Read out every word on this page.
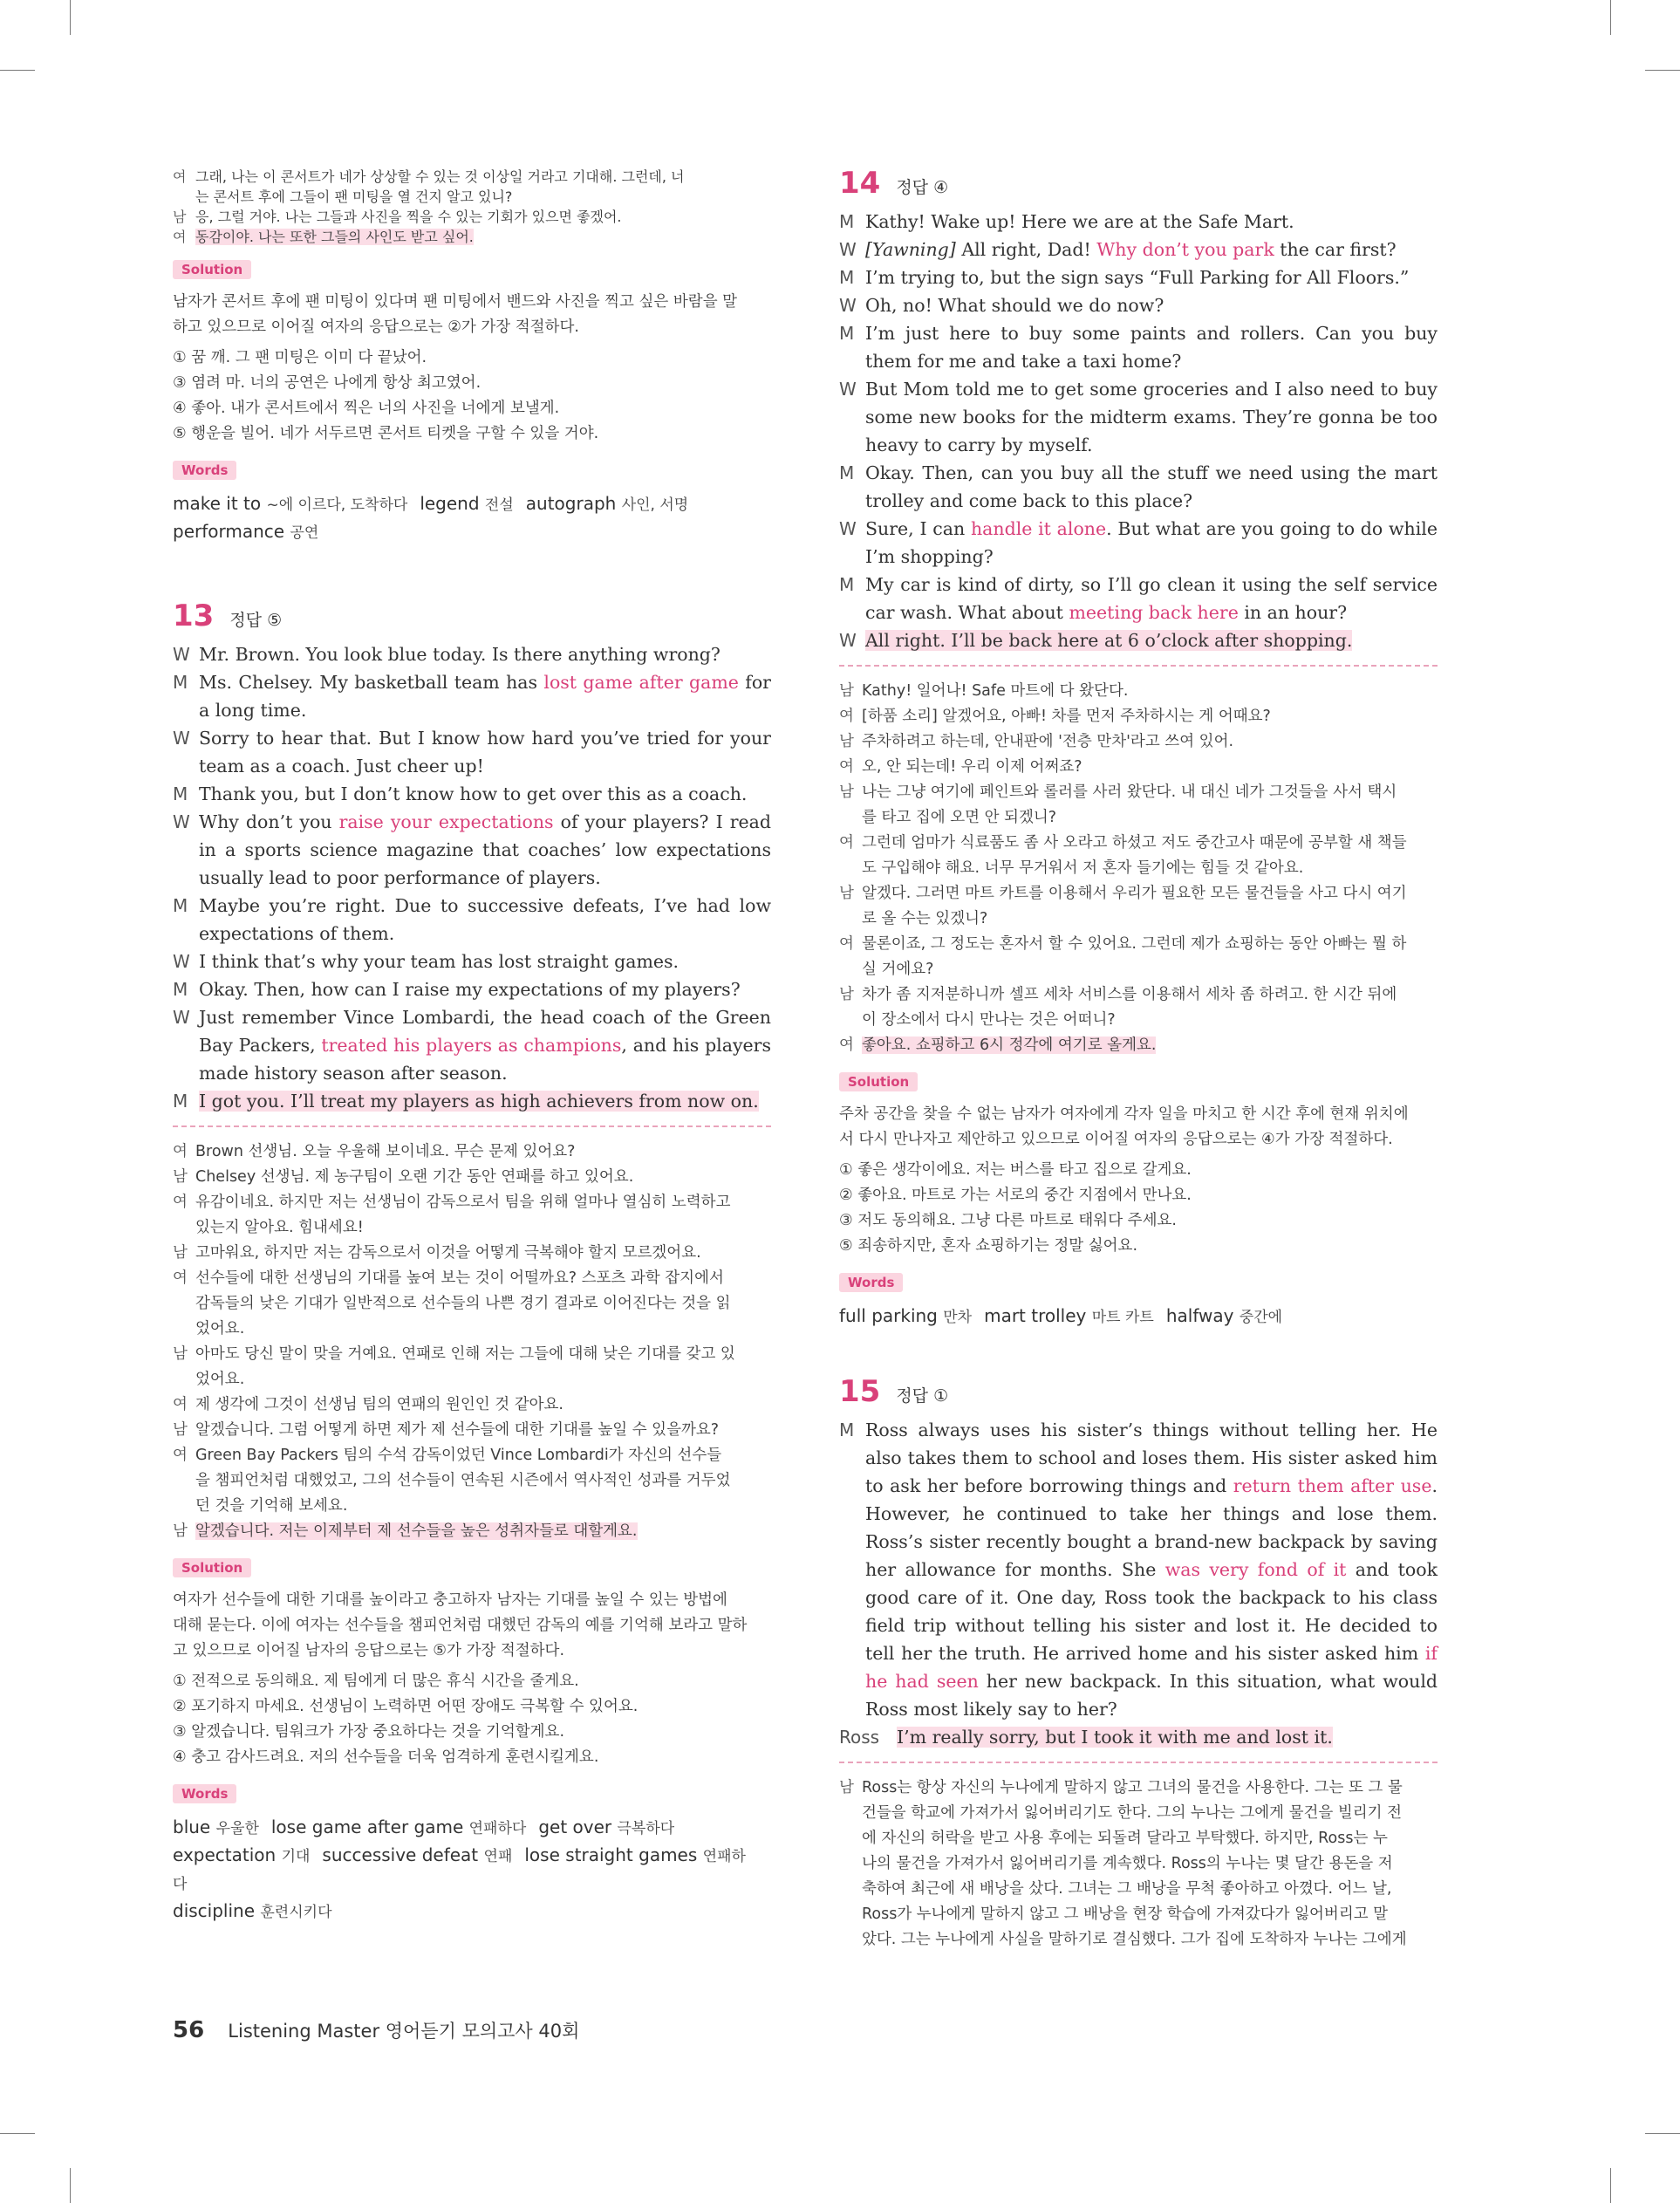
여 그래, 나는 이 콘서트가 네가 상상할 수 있는 것 이상일 거라고 기대해. 그런데, 너
는 콘서트 후에 그들이 팬 미팅을 열 건지 알고 있니?
남 응, 그럴 거야. 나는 그들과 사진을 찍을 수 있는 기회가 있으면 좋겠어.
여 동감이야. 나는 또한 그들의 사인도 받고 싶어.
Solution
남자가 콘서트 후에 팬 미팅이 있다며 팬 미팅에서 밴드와 사진을 찍고 싶은 바람을 말
하고 있으므로 이어질 여자의 응답으로는 ②가 가장 적절하다.
① 꿈 깨. 그 팬 미팅은 이미 다 끝났어.
③ 염려 마. 너의 공연은 나에게 항상 최고였어.
④ 좋아. 내가 콘서트에서 찍은 너의 사진을 너에게 보낼게.
⑤ 행운을 빌어. 네가 서두르면 콘서트 티켓을 구할 수 있을 거야.
Words
make it to ~에 이르다, 도착하다 legend 전설 autograph 사인, 서명
performance 공연
13 정답 ⑤
W Mr. Brown. You look blue today. Is there anything wrong?
M Ms. Chelsey. My basketball team has lost game after game for a long time.
W Sorry to hear that. But I know how hard you’ve tried for your team as a coach. Just cheer up!
M Thank you, but I don’t know how to get over this as a coach.
W Why don’t you raise your expectations of your players? I read in a sports science magazine that coaches’ low expectations usually lead to poor performance of players.
M Maybe you’re right. Due to successive defeats, I’ve had low expectations of them.
W I think that’s why your team has lost straight games.
M Okay. Then, how can I raise my expectations of my players?
W Just remember Vince Lombardi, the head coach of the Green Bay Packers, treated his players as champions, and his players made history season after season.
M I got you. I’ll treat my players as high achievers from now on.
여 Brown 선생님. 오늘 우울해 보이네요. 무슨 문제 있어요?
남 Chelsey 선생님. 제 농구팀이 오랜 기간 동안 연패를 하고 있어요.
여 유감이네요. 하지만 저는 선생님이 감독으로서 팀을 위해 얼마나 열심히 노력하고
있는지 알아요. 힘내세요!
남 고마워요, 하지만 저는 감독으로서 이것을 어떻게 극복해야 할지 모르겠어요.
여 선수들에 대한 선생님의 기대를 높여 보는 것이 어떨까요? 스포츠 과학 잡지에서
감독들의 낮은 기대가 일반적으로 선수들의 나쁜 경기 결과로 이어진다는 것을 읽
었어요.
남 아마도 당신 말이 맞을 거예요. 연패로 인해 저는 그들에 대해 낮은 기대를 갖고 있
었어요.
여 제 생각에 그것이 선생님 팀의 연패의 원인인 것 같아요.
남 알겠습니다. 그럼 어떻게 하면 제가 제 선수들에 대한 기대를 높일 수 있을까요?
여 Green Bay Packers 팀의 수석 감독이었던 Vince Lombardi가 자신의 선수들
을 챔피언처럼 대했었고, 그의 선수들이 연속된 시즌에서 역사적인 성과를 거두었
던 것을 기억해 보세요.
남 알겠습니다. 저는 이제부터 제 선수들을 높은 성취자들로 대할게요.
Solution
여자가 선수들에 대한 기대를 높이라고 충고하자 남자는 기대를 높일 수 있는 방법에
대해 묻는다. 이에 여자는 선수들을 챔피언처럼 대했던 감독의 예를 기억해 보라고 말하
고 있으므로 이어질 남자의 응답으로는 ⑤가 가장 적절하다.
① 전적으로 동의해요. 제 팀에게 더 많은 휴식 시간을 줄게요.
② 포기하지 마세요. 선생님이 노력하면 어떤 장애도 극복할 수 있어요.
③ 알겠습니다. 팀워크가 가장 중요하다는 것을 기억할게요.
④ 충고 감사드려요. 저의 선수들을 더욱 엄격하게 훈련시킬게요.
Words
blue 우울한 lose game after game 연패하다 get over 극복하다
expectation 기대 successive defeat 연패 lose straight games 연패하다
discipline 훈련시키다
14 정답 ④
M Kathy! Wake up! Here we are at the Safe Mart.
W [Yawning] All right, Dad! Why don’t you park the car first?
M I’m trying to, but the sign says “Full Parking for All Floors.”
W Oh, no! What should we do now?
M I’m just here to buy some paints and rollers. Can you buy them for me and take a taxi home?
W But Mom told me to get some groceries and I also need to buy some new books for the midterm exams. They’re gonna be too heavy to carry by myself.
M Okay. Then, can you buy all the stuff we need using the mart trolley and come back to this place?
W Sure, I can handle it alone. But what are you going to do while I’m shopping?
M My car is kind of dirty, so I’ll go clean it using the self service car wash. What about meeting back here in an hour?
W All right. I’ll be back here at 6 o’clock after shopping.
남 Kathy! 일어나! Safe 마트에 다 왔단다.
여 [하품 소리] 알겠어요, 아빠! 차를 먼저 주차하시는 게 어때요?
남 주차하려고 하는데, 안내판에 '전층 만차'라고 쓰여 있어.
여 오, 안 되는데! 우리 이제 어쩌죠?
남 나는 그냥 여기에 페인트와 롤러를 사러 왔단다. 내 대신 네가 그것들을 사서 택시
를 타고 집에 오면 안 되겠니?
여 그런데 엄마가 식료품도 좀 사 오라고 하셨고 저도 중간고사 때문에 공부할 새 책들
도 구입해야 해요. 너무 무거워서 저 혼자 들기에는 힘들 것 같아요.
남 알겠다. 그러면 마트 카트를 이용해서 우리가 필요한 모든 물건들을 사고 다시 여기
로 올 수는 있겠니?
여 물론이죠, 그 정도는 혼자서 할 수 있어요. 그런데 제가 쇼핑하는 동안 아빠는 뭘 하
실 거에요?
남 차가 좀 지저분하니까 셀프 세차 서비스를 이용해서 세차 좀 하려고. 한 시간 뒤에
이 장소에서 다시 만나는 것은 어떠니?
여 좋아요. 쇼핑하고 6시 정각에 여기로 올게요.
Solution
주차 공간을 찾을 수 없는 남자가 여자에게 각자 일을 마치고 한 시간 후에 현재 위치에
서 다시 만나자고 제안하고 있으므로 이어질 여자의 응답으로는 ④가 가장 적절하다.
① 좋은 생각이에요. 저는 버스를 타고 집으로 갈게요.
② 좋아요. 마트로 가는 서로의 중간 지점에서 만나요.
③ 저도 동의해요. 그냥 다른 마트로 태워다 주세요.
⑤ 죄송하지만, 혼자 쇼핑하기는 정말 싫어요.
Words
full parking 만차 mart trolley 마트 카트 halfway 중간에
15 정답 ①
M Ross always uses his sister’s things without telling her. He also takes them to school and loses them. His sister asked him to ask her before borrowing things and return them after use. However, he continued to take her things and lose them. Ross’s sister recently bought a brand-new backpack by saving her allowance for months. She was very fond of it and took good care of it. One day, Ross took the backpack to his class field trip without telling his sister and lost it. He decided to tell her the truth. He arrived home and his sister asked him if he had seen her new backpack. In this situation, what would Ross most likely say to her?
Ross I’m really sorry, but I took it with me and lost it.
남 Ross는 항상 자신의 누나에게 말하지 않고 그녀의 물건을 사용한다. 그는 또 그 물
건들을 학교에 가져가서 잃어버리기도 한다. 그의 누나는 그에게 물건을 빌리기 전
에 자신의 허락을 받고 사용 후에는 되돌려 달라고 부탁했다. 하지만, Ross는 누
나의 물건을 가져가서 잃어버리기를 계속했다. Ross의 누나는 몇 달간 용돈을 저
축하여 최근에 새 배낭을 샀다. 그녀는 그 배낭을 무척 좋아하고 아꼈다. 어느 날,
Ross가 누나에게 말하지 않고 그 배낭을 현장 학습에 가져갔다가 잃어버리고 말
았다. 그는 누나에게 사실을 말하기로 결심했다. 그가 집에 도착하자 누나는 그에게
56 Listening Master 영어듣기 모의고사 40회
